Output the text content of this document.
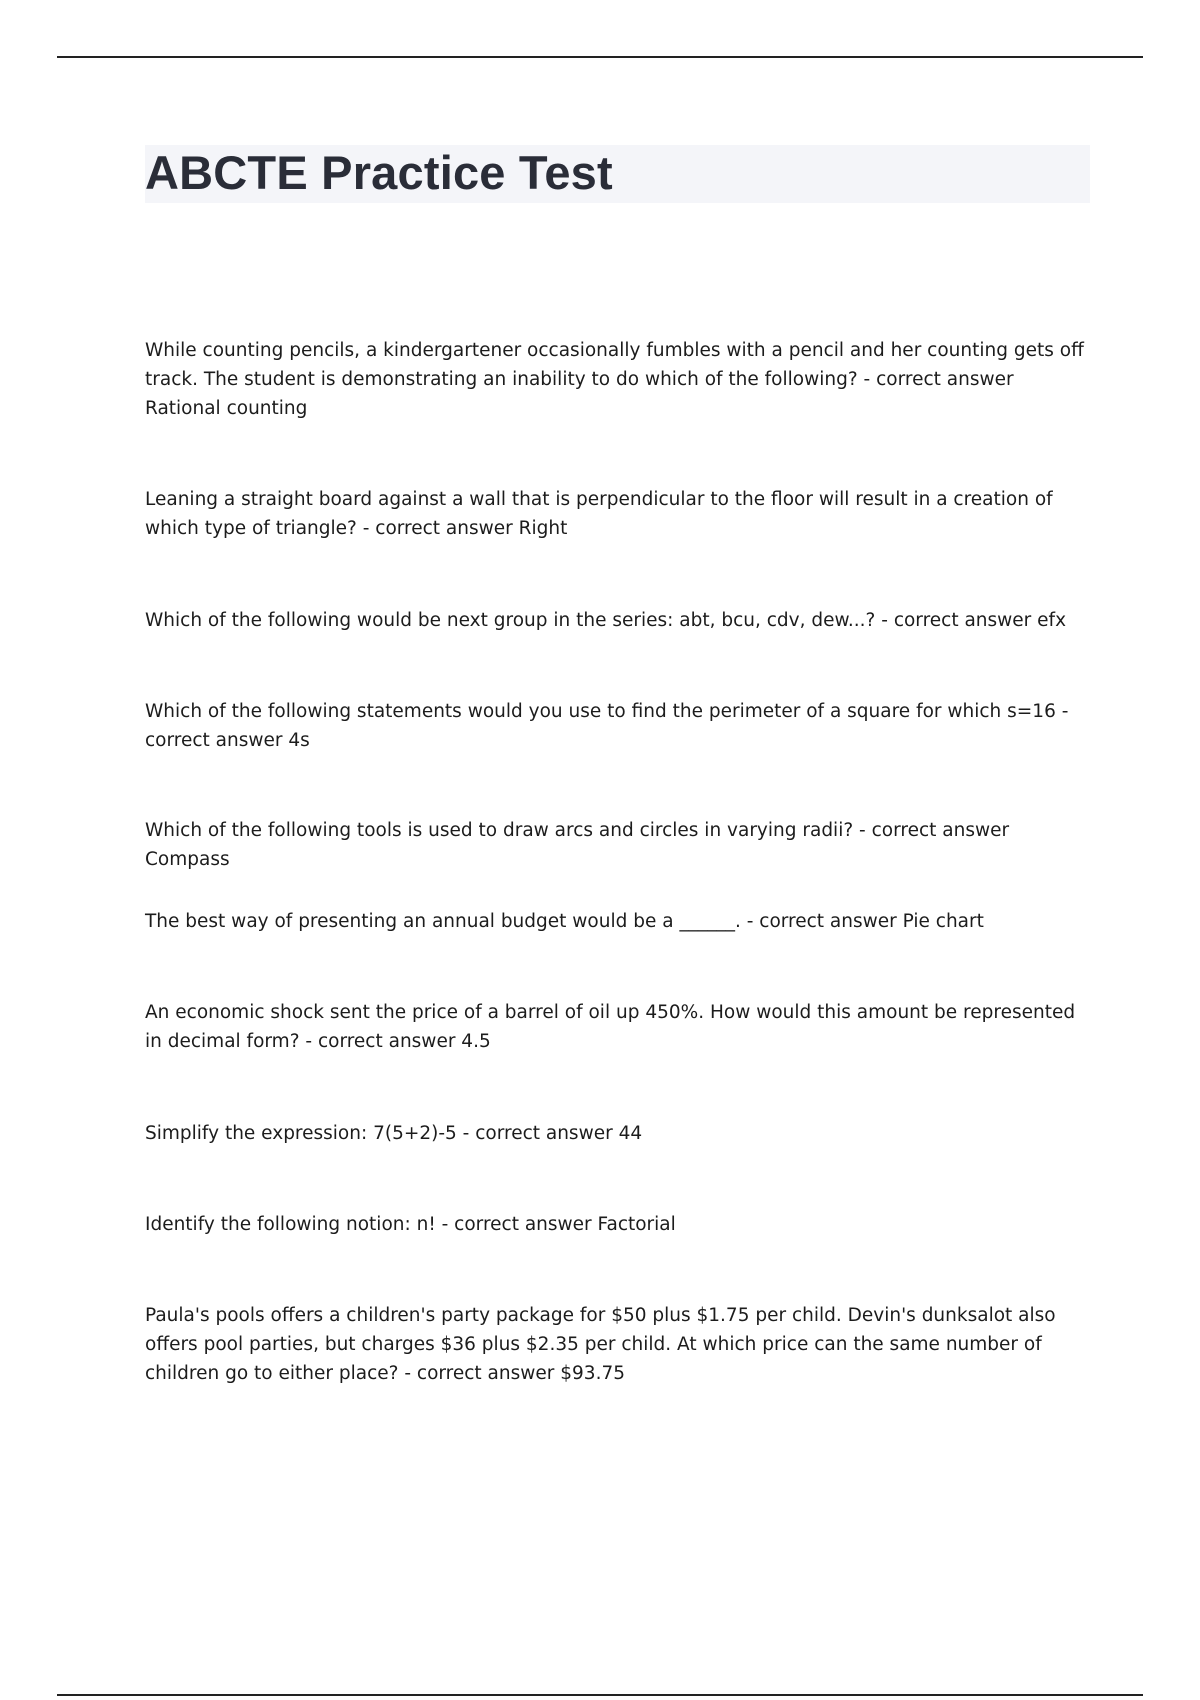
ABCTE Practice Test

While counting pencils, a kindergartener occasionally fumbles with a pencil and her counting gets off track. The student is demonstrating an inability to do which of the following? - correct answer Rational counting

Leaning a straight board against a wall that is perpendicular to the floor will result in a creation of which type of triangle? - correct answer Right

Which of the following would be next group in the series: abt, bcu, cdv, dew...? - correct answer efx

Which of the following statements would you use to find the perimeter of a square for which s=16 - correct answer 4s

Which of the following tools is used to draw arcs and circles in varying radii? - correct answer Compass

The best way of presenting an annual budget would be a ______. - correct answer Pie chart

An economic shock sent the price of a barrel of oil up 450%. How would this amount be represented in decimal form? - correct answer 4.5

Simplify the expression: 7(5+2)-5 - correct answer 44

Identify the following notion: n! - correct answer Factorial

Paula's pools offers a children's party package for $50 plus $1.75 per child. Devin's dunksalot also offers pool parties, but charges $36 plus $2.35 per child. At which price can the same number of children go to either place? - correct answer $93.75
